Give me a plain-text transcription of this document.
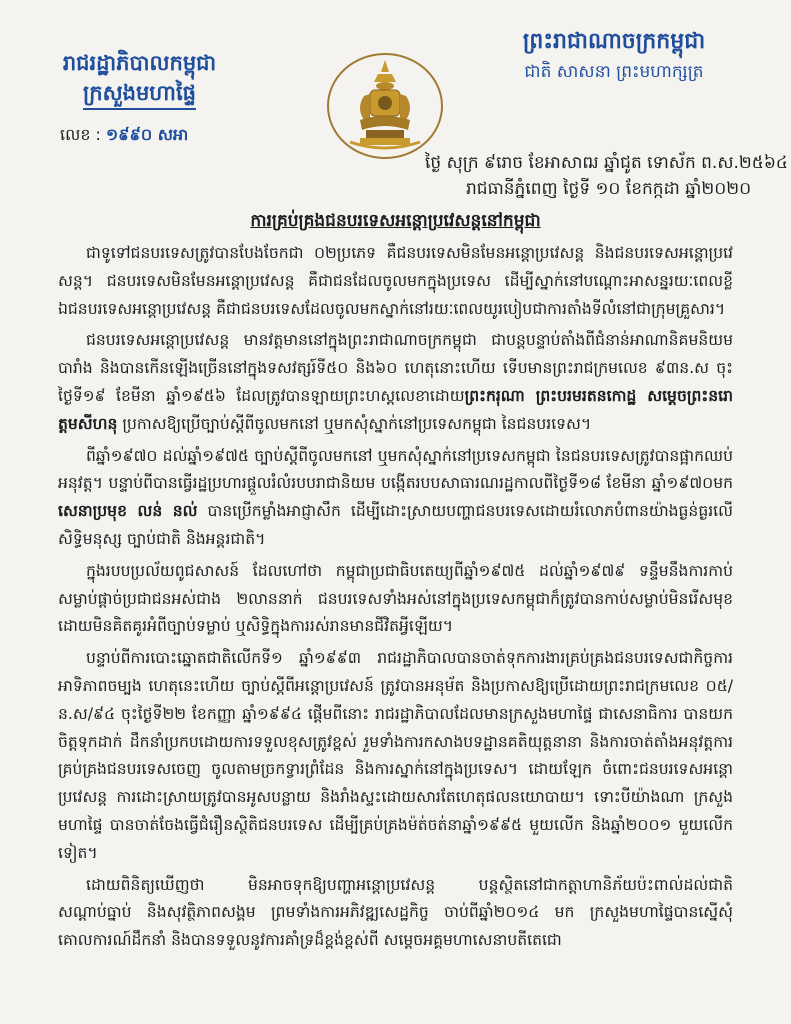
រាជរដ្ឋាភិបាលកម្ពុជា
ក្រសួងមហាផ្ទៃ
លេខ : ១៩៩០ សអា
ព្រះរាជាណាចក្រកម្ពុជា
ជាតិ សាសនា ព្រះមហាក្សត្រ
ថ្ងៃ សុក្រ ៩រោច ខែអាសាឍ ឆ្នាំជូត ទោស័ក ព.ស.២៥៦៤
រាជធានីភ្នំពេញ ថ្ងៃទី ១០ ខែកក្កដា ឆ្នាំ២០២០
ការគ្រប់គ្រងជនបរទេសអន្តោប្រវេសន្តនៅកម្ពុជា

ជាទូទៅជនបរទេសត្រូវបានបែងចែកជា ០២ប្រភេទ គឺជនបរទេសមិនមែនអន្តោប្រវេសន្ត និងជនបរទេសអន្តោប្រវេសន្ត។ ជនបរទេសមិនមែនអន្តោប្រវេសន្ត គឺជាជនដែលចូលមកក្នុងប្រទេស ដើម្បីស្នាក់នៅបណ្ដោះអាសន្នរយៈពេលខ្លី ឯជនបរទេសអន្តោប្រវេសន្ត គឺជាជនបរទេសដែលចូលមកស្នាក់នៅរយៈពេលយូរបៀបជាការតាំងទីលំនៅជាក្រុមគ្រួសារ។

ជនបរទេសអន្តោប្រវេសន្ត មានវត្តមាននៅក្នុងព្រះរាជាណាចក្រកម្ពុជា ជាបន្តបន្ទាប់តាំងពីជំនាន់អាណានិគមនិយមបារាំង និងបានកើនឡើងច្រើននៅក្នុងទសវត្សរ៍ទី៥០ និង៦០ ហេតុនោះហើយ ទើបមានព្រះរាជក្រមលេខ ៩៣ន.ស ចុះថ្ងៃទី១៩ ខែមីនា ឆ្នាំ១៩៥៦ ដែលត្រូវបានឡាយព្រះហស្ដលេខាដោយព្រះករុណា ព្រះបរមរតនកោដ្ឋ សម្ដេចព្រះនរោត្ដមសីហនុ ប្រកាសឱ្យប្រើច្បាប់ស្ដីពីចូលមកនៅ ឬមកសុំស្នាក់នៅប្រទេសកម្ពុជា នៃជនបរទេស។

ពីឆ្នាំ១៩៧០ ដល់ឆ្នាំ១៩៧៥ ច្បាប់ស្ដីពីចូលមកនៅ ឬមកសុំស្នាក់នៅប្រទេសកម្ពុជា នៃជនបរទេសត្រូវបានផ្អាកឈប់អនុវត្ត។ បន្ទាប់ពីបានធ្វើរដ្ឋប្រហារផ្ដួលរំលំរបបរាជានិយម បង្កើតរបបសាធារណរដ្ឋកាលពីថ្ងៃទី១៨ ខែមីនា ឆ្នាំ១៩៧០មក សេនាប្រមុខ លន់ នល់ បានប្រើកម្លាំងអាជ្ញាសឹក ដើម្បីដោះស្រាយបញ្ហាជនបរទេសដោយរំលោភបំពានយ៉ាងធ្ងន់ធ្ងរលើសិទ្ធិមនុស្ស ច្បាប់ជាតិ និងអន្តរជាតិ។

ក្នុងរបបប្រល័យពូជសាសន៍ ដែលហៅថា កម្ពុជាប្រជាធិបតេយ្យពីឆ្នាំ១៩៧៥ ដល់ឆ្នាំ១៩៧៩ ទន្ទឹមនឹងការកាប់សម្លាប់ផ្ដាច់ប្រជាជនអស់ជាង ២លាននាក់ ជនបរទេសទាំងអស់នៅក្នុងប្រទេសកម្ពុជាក៏ត្រូវបានកាប់សម្លាប់មិនរើសមុខដោយមិនគិតគូរអំពីច្បាប់ទម្លាប់ ឬសិទ្ធិក្នុងការរស់រានមានជីវិតអ្វីឡើយ។

បន្ទាប់ពីការបោះឆ្នោតជាតិលើកទី១ ឆ្នាំ១៩៩៣ រាជរដ្ឋាភិបាលបានចាត់ទុកការងារគ្រប់គ្រងជនបរទេសជាកិច្ចការអាទិភាពចម្បង ហេតុនេះហើយ ច្បាប់ស្ដីពីអន្តោប្រវេសន៍ ត្រូវបានអនុម័ត និងប្រកាសឱ្យប្រើដោយព្រះរាជក្រមលេខ ០៥/ន.ស/៩៤ ចុះថ្ងៃទី២២ ខែកញ្ញា ឆ្នាំ១៩៩៤ ផ្ដើមពីនោះ រាជរដ្ឋាភិបាលដែលមានក្រសួងមហាផ្ទៃ ជាសេនាធិការ បានយកចិត្តទុកដាក់ ដឹកនាំប្រកបដោយការទទួលខុសត្រូវខ្ពស់ រួមទាំងការកសាងបទដ្ឋានគតិយុត្តនានា និងការចាត់តាំងអនុវត្តការគ្រប់គ្រងជនបរទេសចេញ ចូលតាមច្រកទ្វារព្រំដែន និងការស្នាក់នៅក្នុងប្រទេស។ ដោយឡែក ចំពោះជនបរទេសអន្តោប្រវេសន្ត ការដោះស្រាយត្រូវបានអូសបន្លាយ និងរាំងស្ទះដោយសារតែហេតុផលនយោបាយ។ ទោះបីយ៉ាងណា ក្រសួងមហាផ្ទៃ បានចាត់ចែងធ្វើជំរឿនស្ថិតិជនបរទេស ដើម្បីគ្រប់គ្រងម៉ត់ចត់នាឆ្នាំ១៩៩៥ មួយលើក និងឆ្នាំ២០០១ មួយលើកទៀត។

ដោយពិនិត្យឃើញថា មិនអាចទុកឱ្យបញ្ហាអន្តោប្រវេសន្ត បន្តស្ថិតនៅជាកត្តាហានិភ័យប៉ះពាល់ដល់ជាតិ សណ្ដាប់ធ្នាប់ និងសុវត្ថិភាពសង្គម ព្រមទាំងការអភិវឌ្ឍសេដ្ឋកិច្ច ចាប់ពីឆ្នាំ២០១៤ មក ក្រសួងមហាផ្ទៃបានស្នើសុំគោលការណ៍ដឹកនាំ និងបានទទួលនូវការគាំទ្រដ៏ខ្ពង់ខ្ពស់ពី សម្ដេចអគ្គមហាសេនាបតីតេជោ
